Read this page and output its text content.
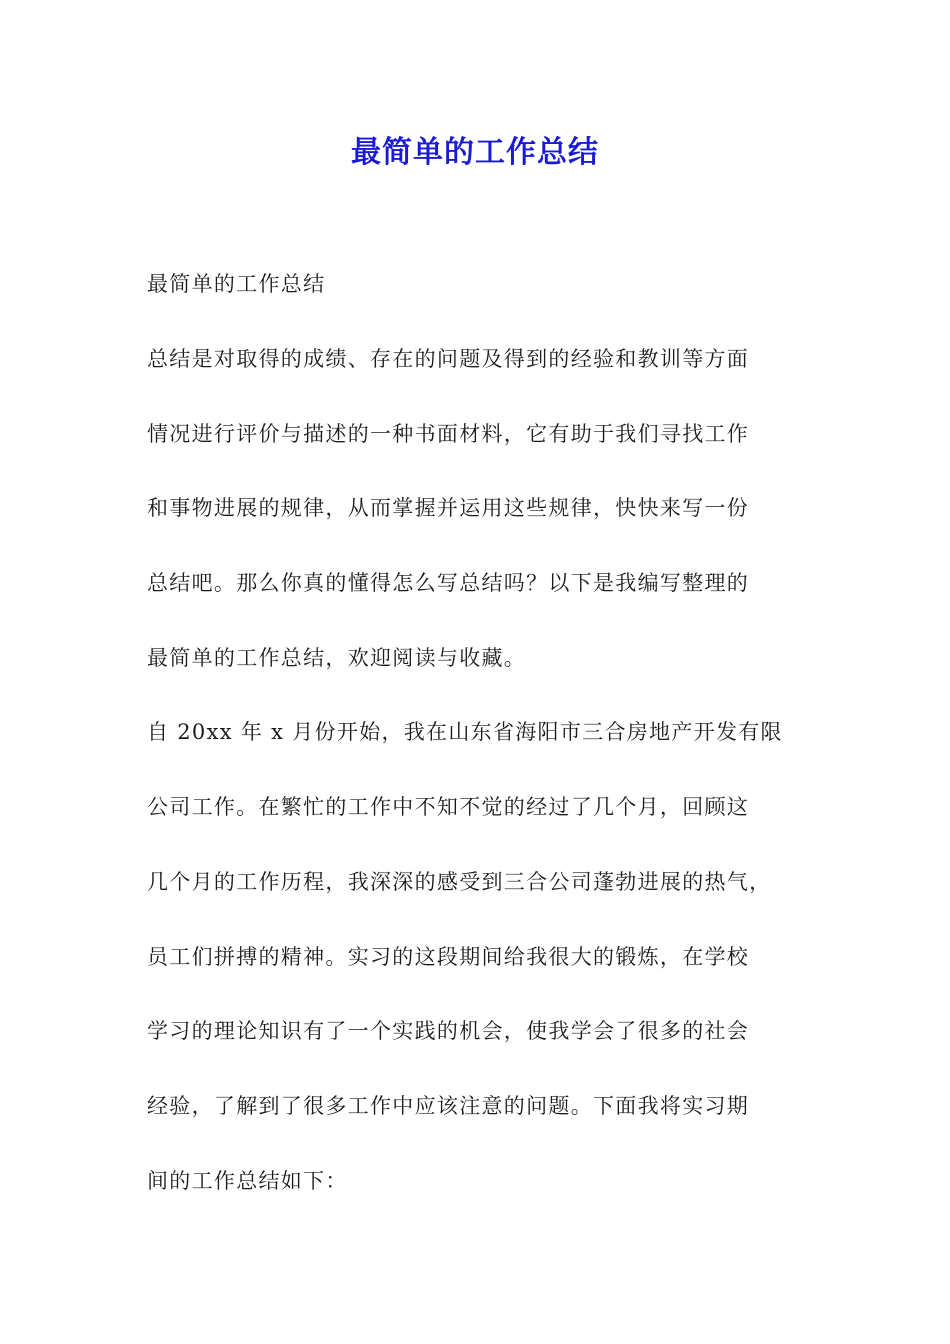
最简单的工作总结
最简单的工作总结
总结是对取得的成绩、存在的问题及得到的经验和教训等方面
情况进行评价与描述的一种书面材料，它有助于我们寻找工作
和事物进展的规律，从而掌握并运用这些规律，快快来写一份
总结吧。那么你真的懂得怎么写总结吗？以下是我编写整理的
最简单的工作总结，欢迎阅读与收藏。
自 20xx 年 x 月份开始，我在山东省海阳市三合房地产开发有限
公司工作。在繁忙的工作中不知不觉的经过了几个月，回顾这
几个月的工作历程，我深深的感受到三合公司蓬勃进展的热气，
员工们拼搏的精神。实习的这段期间给我很大的锻炼，在学校
学习的理论知识有了一个实践的机会，使我学会了很多的社会
经验，了解到了很多工作中应该注意的问题。下面我将实习期
间的工作总结如下：
